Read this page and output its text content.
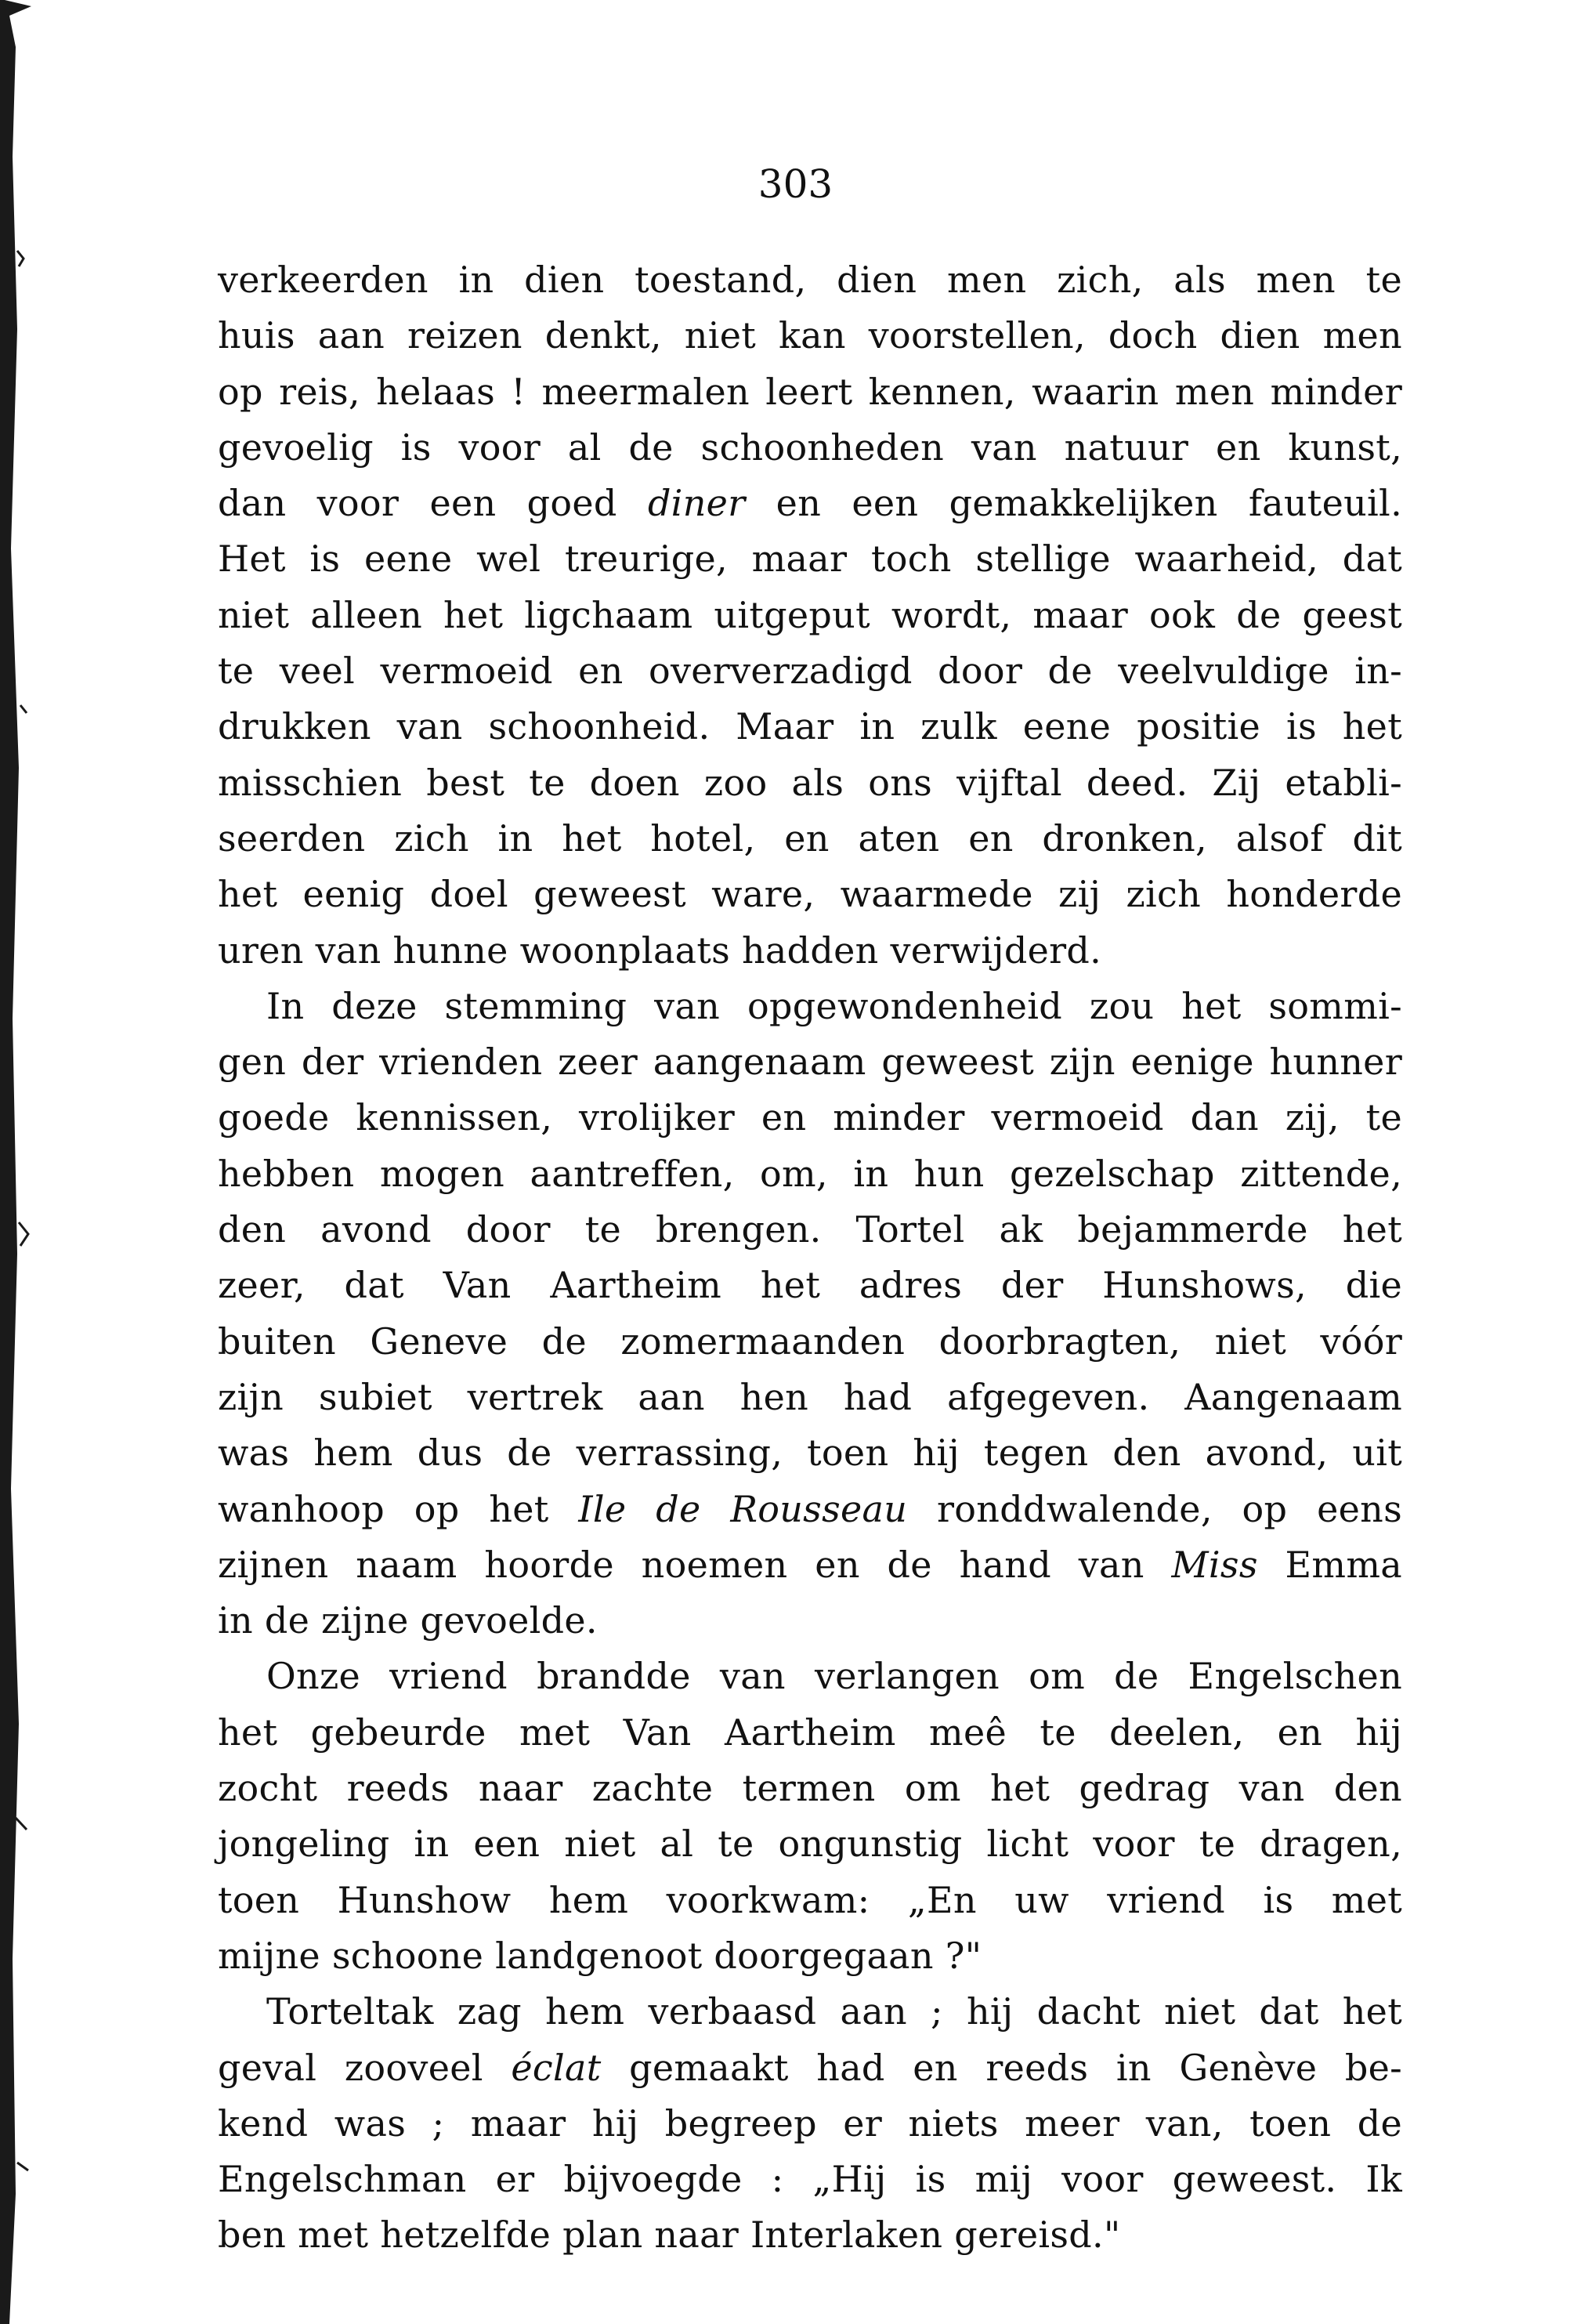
303
verkeerden in dien toestand, dien men zich, als men te
huis aan reizen denkt, niet kan voorstellen, doch dien men
op reis, helaas ! meermalen leert kennen, waarin men minder
gevoelig is voor al de schoonheden van natuur en kunst,
dan voor een goed diner en een gemakkelijken fauteuil.
Het is eene wel treurige, maar toch stellige waarheid, dat
niet alleen het ligchaam uitgeput wordt, maar ook de geest
te veel vermoeid en oververzadigd door de veelvuldige in-
drukken van schoonheid. Maar in zulk eene positie is het
misschien best te doen zoo als ons vijftal deed. Zij etabli-
seerden zich in het hotel, en aten en dronken, alsof dit
het eenig doel geweest ware, waarmede zij zich honderde
uren van hunne woonplaats hadden verwijderd.
In deze stemming van opgewondenheid zou het sommi-
gen der vrienden zeer aangenaam geweest zijn eenige hunner
goede kennissen, vrolijker en minder vermoeid dan zij, te
hebben mogen aantreffen, om, in hun gezelschap zittende,
den avond door te brengen. Tortel ak bejammerde het
zeer, dat Van Aartheim het adres der Hunshows, die
buiten Geneve de zomermaanden doorbragten, niet vóór
zijn subiet vertrek aan hen had afgegeven. Aangenaam
was hem dus de verrassing, toen hij tegen den avond, uit
wanhoop op het Ile de Rousseau ronddwalende, op eens
zijnen naam hoorde noemen en de hand van Miss Emma
in de zijne gevoelde.
Onze vriend brandde van verlangen om de Engelschen
het gebeurde met Van Aartheim meê te deelen, en hij
zocht reeds naar zachte termen om het gedrag van den
jongeling in een niet al te ongunstig licht voor te dragen,
toen Hunshow hem voorkwam: „En uw vriend is met
mijne schoone landgenoot doorgegaan ?"
Torteltak zag hem verbaasd aan ; hij dacht niet dat het
geval zooveel éclat gemaakt had en reeds in Genève be-
kend was ; maar hij begreep er niets meer van, toen de
Engelschman er bijvoegde : „Hij is mij voor geweest. Ik
ben met hetzelfde plan naar Interlaken gereisd."
